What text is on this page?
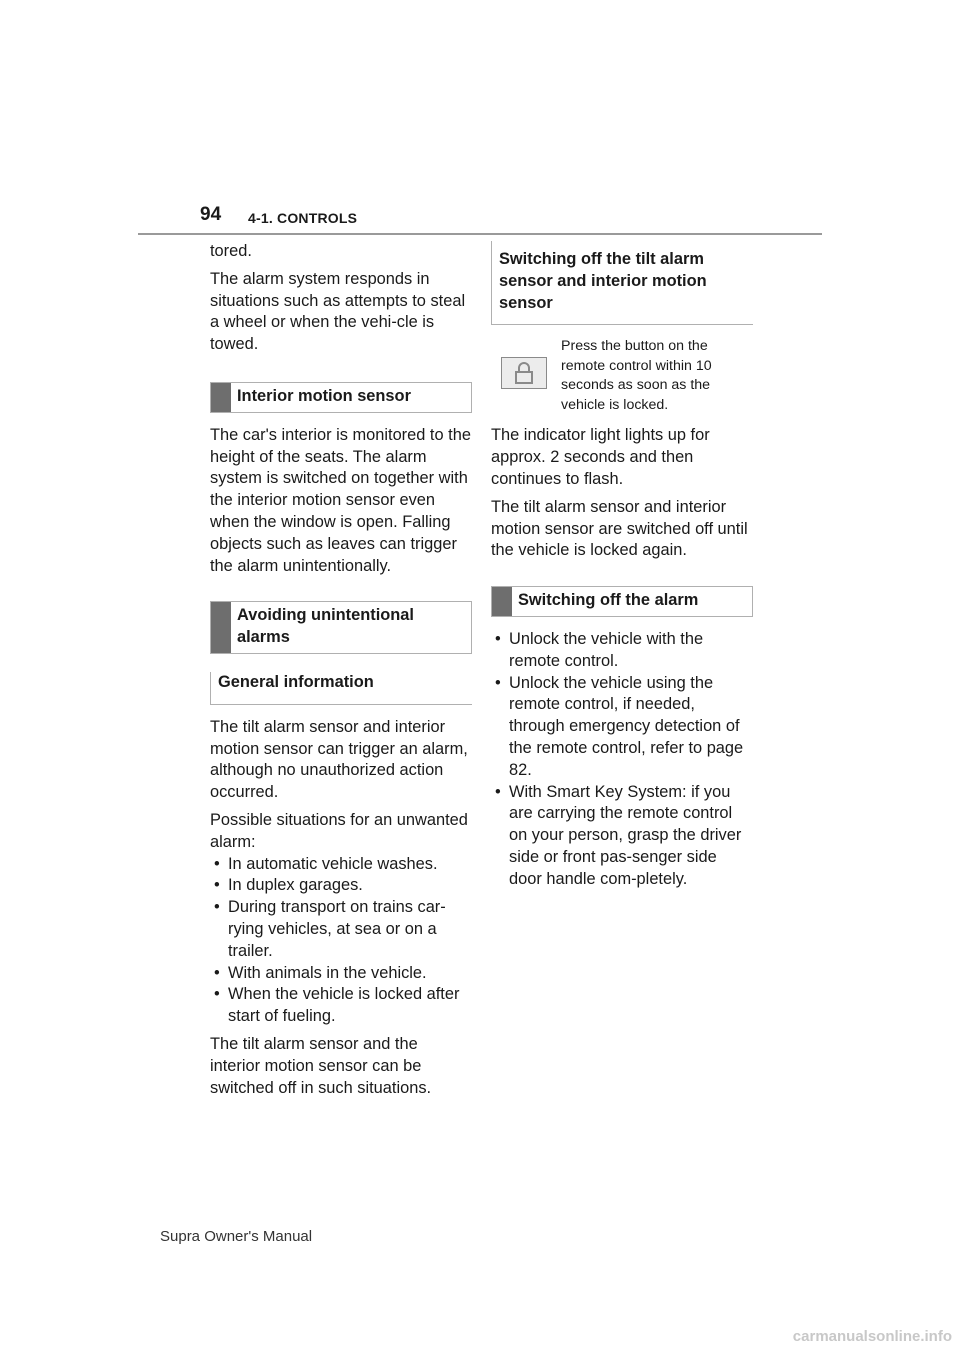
94 4-1. CONTROLS

tored.

The alarm system responds in situations such as attempts to steal a wheel or when the vehi-cle is towed.

Interior motion sensor

The car's interior is monitored to the height of the seats. The alarm system is switched on together with the interior motion sensor even when the window is open. Falling objects such as leaves can trigger the alarm unintentionally.

Avoiding unintentional alarms
General information

The tilt alarm sensor and interior motion sensor can trigger an alarm, although no unauthorized action occurred.

Possible situations for an unwanted alarm:

• In automatic vehicle washes.
• In duplex garages.
• During transport on trains car-rying vehicles, at sea or on a trailer.
• With animals in the vehicle.
• When the vehicle is locked after start of fueling.

The tilt alarm sensor and the interior motion sensor can be switched off in such situations.

Switching off the tilt alarm sensor and interior motion sensor
Press the button on the remote control within 10 seconds as soon as the vehicle is locked.

The indicator light lights up for approx. 2 seconds and then continues to flash.

The tilt alarm sensor and interior motion sensor are switched off until the vehicle is locked again.

Switching off the alarm
• Unlock the vehicle with the remote control.
• Unlock the vehicle using the remote control, if needed, through emergency detection of the remote control, refer to page 82.
• With Smart Key System: if you are carrying the remote control on your person, grasp the driver side or front pas-senger side door handle com-pletely.
Supra Owner's Manual
carmanualsonline.info
